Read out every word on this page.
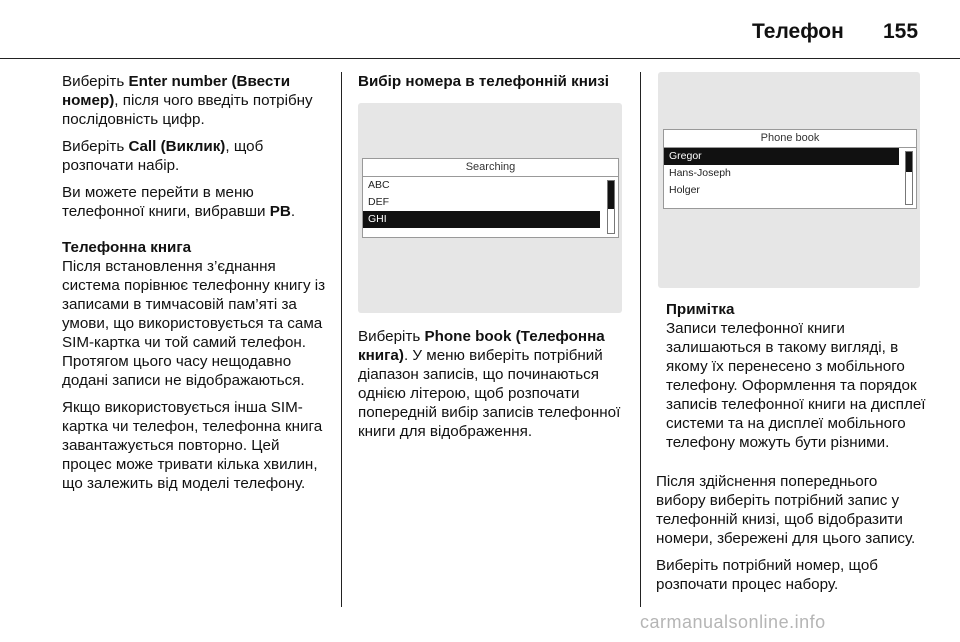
Телефон 155

Виберіть Enter number (Ввести номер), після чого введіть потрібну послідовність цифр.

Виберіть Call (Виклик), щоб розпочати набір.

Ви можете перейти в меню телефонної книги, вибравши PB.

Телефонна книга
Після встановлення з’єднання система порівнює телефонну книгу із записами в тимчасовій пам’яті за умови, що використовується та сама SIM-картка чи той самий телефон. Протягом цього часу нещодавно додані записи не відображаються.

Якщо використовується інша SIM-картка чи телефон, телефонна книга завантажується повторно. Цей процес може тривати кілька хвилин, що залежить від моделі телефону.

Вибір номера в телефонній книзі
Searching
ABC
DEF
GHI

Виберіть Phone book (Телефонна книга). У меню виберіть потрібний діапазон записів, що починаються однією літерою, щоб розпочати попередній вибір записів телефонної книги для відображення.

Phone book
Gregor
Hans-Joseph
Holger
Примітка
Записи телефонної книги залишаються в такому вигляді, в якому їх перенесено з мобільного телефону. Оформлення та порядок записів телефонної книги на дисплеї системи та на дисплеї мобільного телефону можуть бути різними.

Після здійснення попереднього вибору виберіть потрібний запис у телефонній книзі, щоб відобразити номери, збережені для цього запису.

Виберіть потрібний номер, щоб розпочати процес набору.

carmanualsonline.info
